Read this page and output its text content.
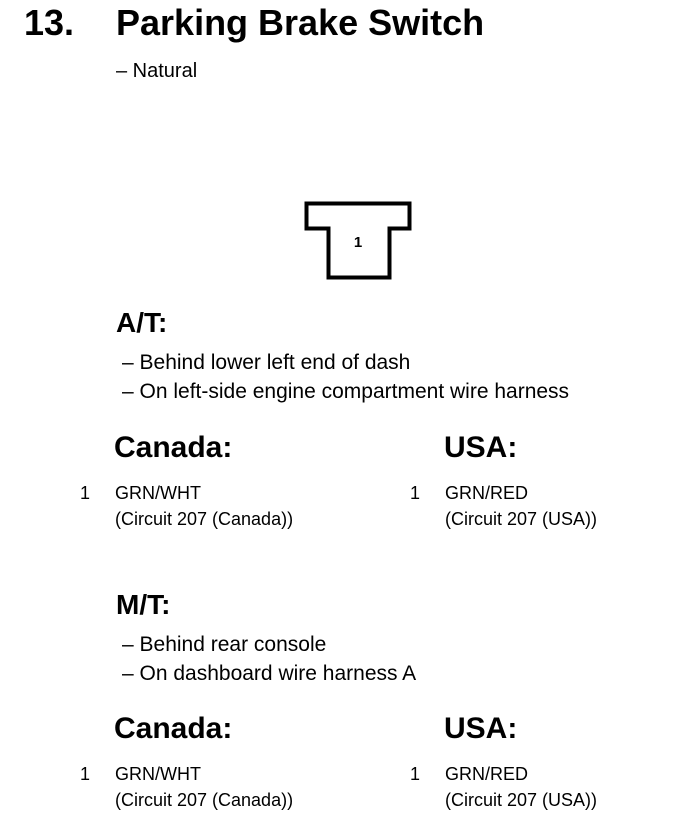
13. Parking Brake Switch
– Natural
1
A/T:
– Behind lower left end of dash
– On left-side engine compartment wire harness
Canada:	USA:
1 GRN/WHT
(Circuit 207 (Canada))
1 GRN/RED
(Circuit 207 (USA))
M/T:
– Behind rear console
– On dashboard wire harness A
Canada:	USA:
1 GRN/WHT
(Circuit 207 (Canada))
1 GRN/RED
(Circuit 207 (USA))
